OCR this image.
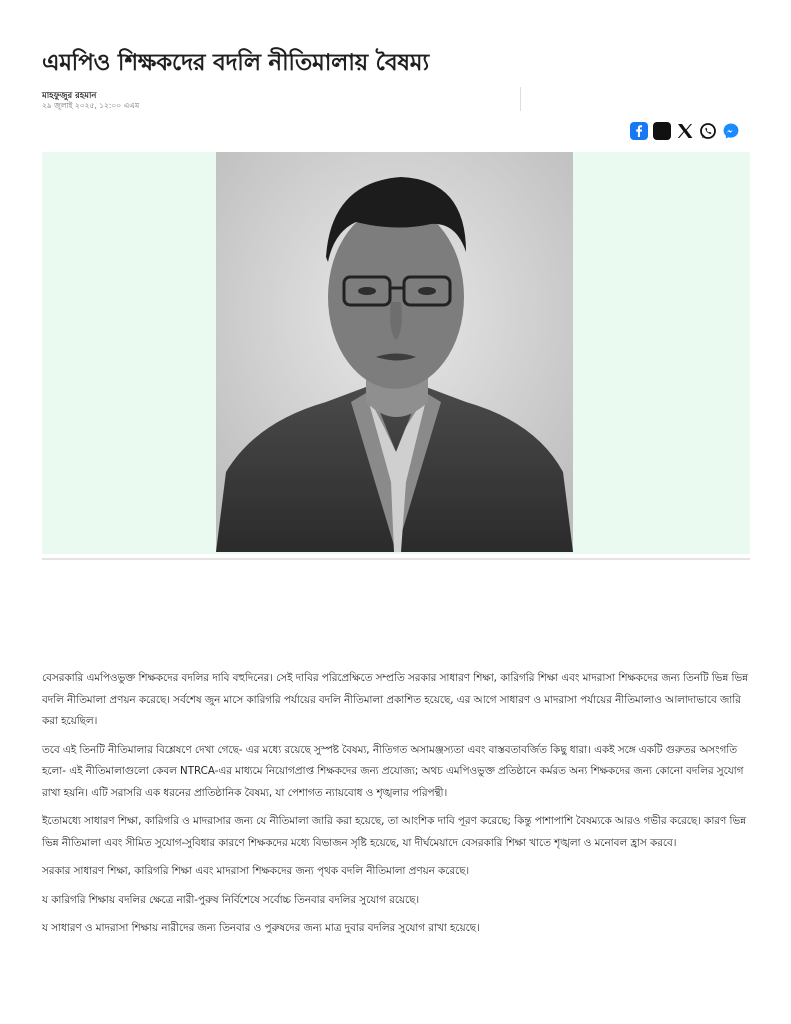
এমপিও শিক্ষকদের বদলি নীতিমালায় বৈষম্য
মাহফুজুর রহমান
২৯ জুলাই ২০২৫, ১২:০০ এএম

বেসরকারি এমপিওভুক্ত শিক্ষকদের বদলির দাবি বহুদিনের। সেই দাবির পরিপ্রেক্ষিতে সম্প্রতি সরকার সাধারণ শিক্ষা, কারিগরি শিক্ষা এবং মাদরাসা শিক্ষকদের জন্য তিনটি ভিন্ন ভিন্ন বদলি নীতিমালা প্রণয়ন করেছে। সর্বশেষ জুন মাসে কারিগরি পর্যায়ের বদলি নীতিমালা প্রকাশিত হয়েছে, এর আগে সাধারণ ও মাদরাসা পর্যায়ের নীতিমালাও আলাদাভাবে জারি করা হয়েছিল।

তবে এই তিনটি নীতিমালার বিশ্লেষণে দেখা গেছে- এর মধ্যে রয়েছে সুস্পষ্ট বৈষম্য, নীতিগত অসামঞ্জস্যতা এবং বাস্তবতাবর্জিত কিছু ধারা। একই সঙ্গে একটি গুরুতর অসংগতি হলো- এই নীতিমালাগুলো কেবল NTRCA-এর মাধ্যমে নিয়োগপ্রাপ্ত শিক্ষকদের জন্য প্রযোজ্য; অথচ এমপিওভুক্ত প্রতিষ্ঠানে কর্মরত অন্য শিক্ষকদের জন্য কোনো বদলির সুযোগ রাখা হয়নি। এটি সরাসরি এক ধরনের প্রাতিষ্ঠানিক বৈষম্য, যা পেশাগত ন্যায়বোধ ও শৃঙ্খলার পরিপন্থী।

ইতোমধ্যে সাধারণ শিক্ষা, কারিগরি ও মাদরাসার জন্য যে নীতিমালা জারি করা হয়েছে, তা আংশিক দাবি পূরণ করেছে; কিন্তু পাশাপাশি বৈষম্যকে আরও গভীর করেছে। কারণ ভিন্ন ভিন্ন নীতিমালা এবং সীমিত সুযোগ-সুবিধার কারণে শিক্ষকদের মধ্যে বিভাজন সৃষ্টি হয়েছে, যা দীর্ঘমেয়াদে বেসরকারি শিক্ষা খাতে শৃঙ্খলা ও মনোবল হ্রাস করবে।

সরকার সাধারণ শিক্ষা, কারিগরি শিক্ষা এবং মাদরাসা শিক্ষকদের জন্য পৃথক বদলি নীতিমালা প্রণয়ন করেছে।

য কারিগরি শিক্ষায় বদলির ক্ষেত্রে নারী-পুরুষ নির্বিশেষে সর্বোচ্চ তিনবার বদলির সুযোগ রয়েছে।

য সাধারণ ও মাদরাসা শিক্ষায় নারীদের জন্য তিনবার ও পুরুষদের জন্য মাত্র দুবার বদলির সুযোগ রাখা হয়েছে।
